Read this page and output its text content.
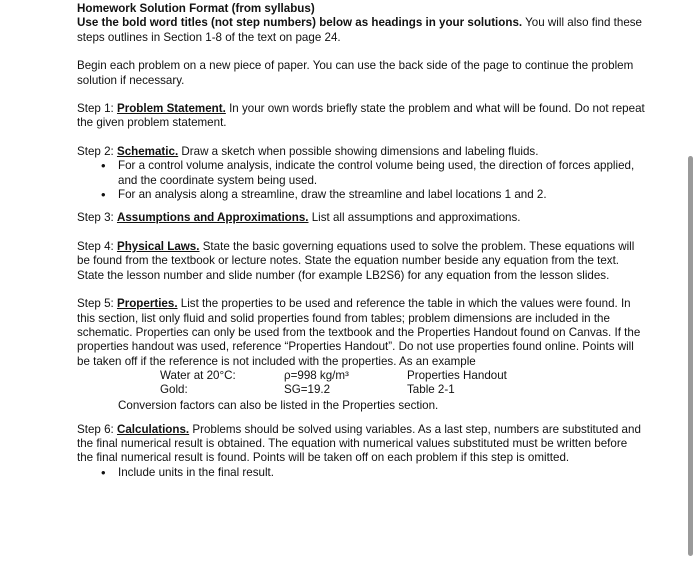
Homework Solution Format (from syllabus)

Use the bold word titles (not step numbers) below as headings in your solutions. You will also find these steps outlines in Section 1-8 of the text on page 24.

Begin each problem on a new piece of paper. You can use the back side of the page to continue the problem solution if necessary.

Step 1: Problem Statement. In your own words briefly state the problem and what will be found. Do not repeat the given problem statement.

Step 2: Schematic. Draw a sketch when possible showing dimensions and labeling fluids.

• For a control volume analysis, indicate the control volume being used, the direction of forces applied, and the coordinate system being used.
• For an analysis along a streamline, draw the streamline and label locations 1 and 2.

Step 3: Assumptions and Approximations. List all assumptions and approximations.

Step 4: Physical Laws. State the basic governing equations used to solve the problem. These equations will be found from the textbook or lecture notes. State the equation number beside any equation from the text. State the lesson number and slide number (for example LB2S6) for any equation from the lesson slides.

Step 5: Properties. List the properties to be used and reference the table in which the values were found. In this section, list only fluid and solid properties found from tables; problem dimensions are included in the schematic. Properties can only be used from the textbook and the Properties Handout found on Canvas. If the properties handout was used, reference “Properties Handout”. Do not use properties found online. Points will be taken off if the reference is not included with the properties. As an example

Water at 20°C:	ρ=998 kg/m³	Properties Handout
Gold:	SG=19.2	Table 2-1

Conversion factors can also be listed in the Properties section.

Step 6: Calculations. Problems should be solved using variables. As a last step, numbers are substituted and the final numerical result is obtained. The equation with numerical values substituted must be written before the final numerical result is found. Points will be taken off on each problem if this step is omitted.

• Include units in the final result.
